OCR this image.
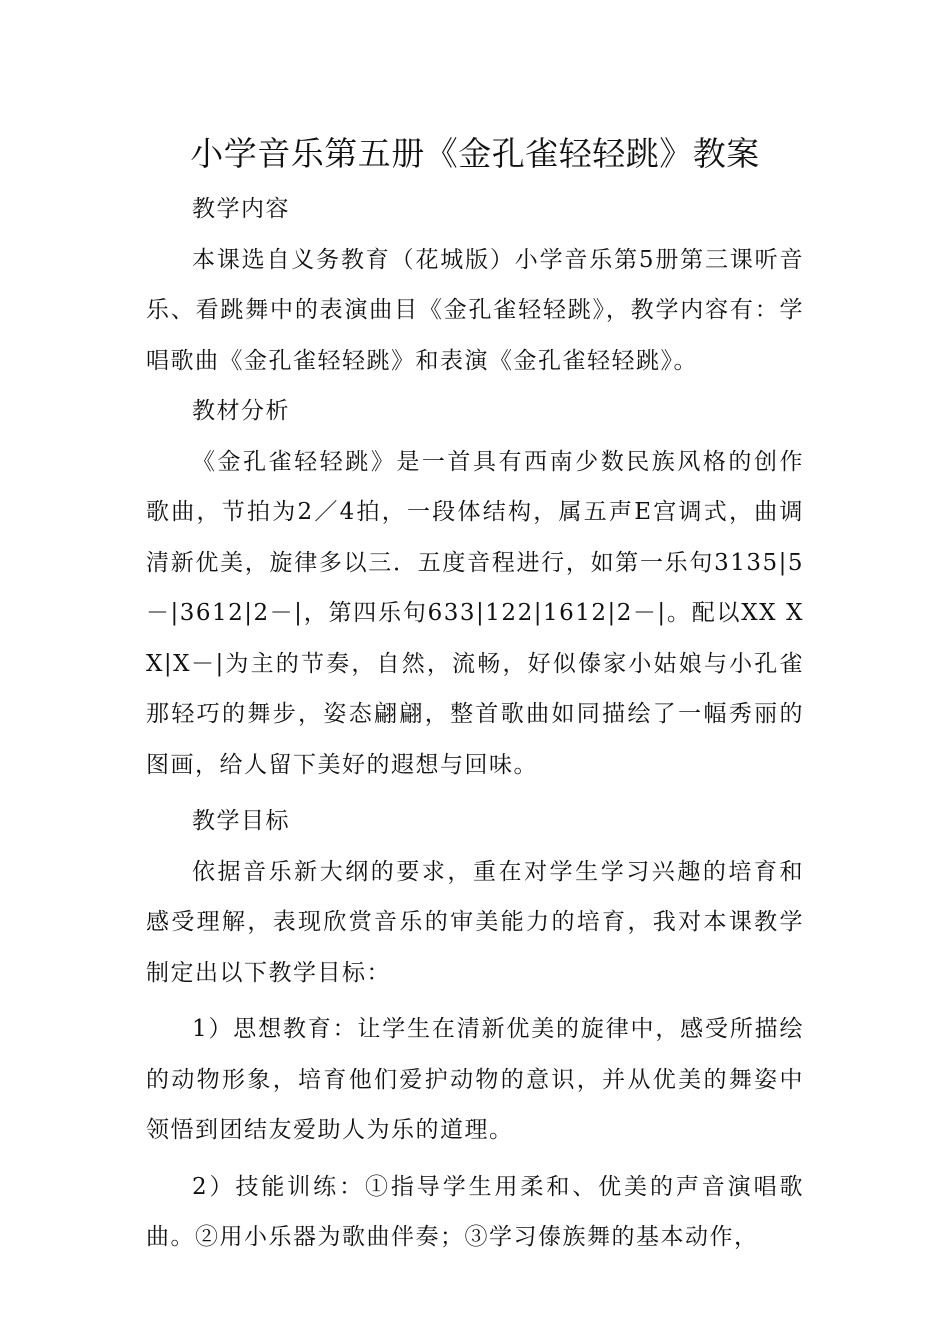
小学音乐第五册《金孔雀轻轻跳》教案

教学内容

本课选自义务教育（花城版）小学音乐第5册第三课听音乐、看跳舞中的表演曲目《金孔雀轻轻跳》，教学内容有：学唱歌曲《金孔雀轻轻跳》和表演《金孔雀轻轻跳》。

教材分析

《金孔雀轻轻跳》是一首具有西南少数民族风格的创作歌曲，节拍为2／4拍，一段体结构，属五声E宫调式，曲调清新优美，旋律多以三．五度音程进行，如第一乐句3135|5－|3612|2－|，第四乐句633|122|1612|2－|。配以XX X X|X－|为主的节奏，自然，流畅，好似傣家小姑娘与小孔雀那轻巧的舞步，姿态翩翩，整首歌曲如同描绘了一幅秀丽的图画，给人留下美好的遐想与回味。

教学目标

依据音乐新大纲的要求，重在对学生学习兴趣的培育和感受理解，表现欣赏音乐的审美能力的培育，我对本课教学制定出以下教学目标：

1）思想教育：让学生在清新优美的旋律中，感受所描绘的动物形象，培育他们爱护动物的意识，并从优美的舞姿中领悟到团结友爱助人为乐的道理。

2）技能训练：①指导学生用柔和、优美的声音演唱歌曲。②用小乐器为歌曲伴奏；③学习傣族舞的基本动作，
